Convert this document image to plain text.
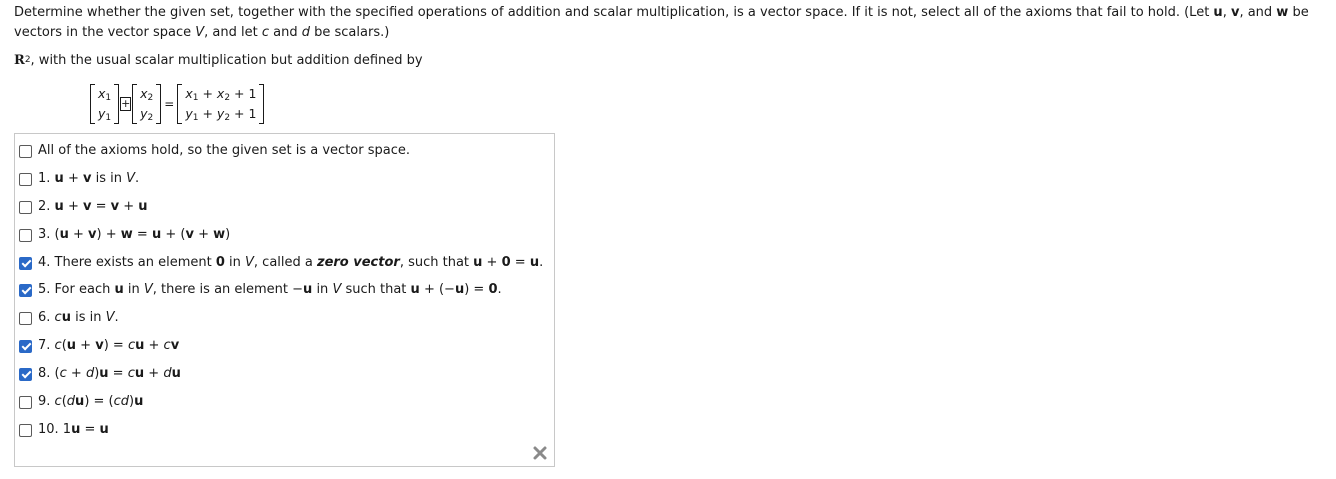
Determine whether the given set, together with the specified operations of addition and scalar multiplication, is a vector space. If it is not, select all of the axioms that fail to hold. (Let u, v, and w be vectors in the vector space V, and let c and d be scalars.)
$R^2$, with the usual scalar multiplication but addition defined by
$x_1$
$y_1$
+
$x_2$
$y_2$
=
$x_1 + x_2 + 1$
$y_1 + y_2 + 1$
All of the axioms hold, so the given set is a vector space.
1. u + v is in V.
2. u + v = v + u
3. (u + v) + w = u + (v + w)
4. There exists an element 0 in V, called a zero vector, such that u + 0 = u.
5. For each u in V, there is an element −u in V such that u + (−u) = 0.
6. cu is in V.
7. c(u + v) = cu + cv
8. (c + d)u = cu + du
9. c(du) = (cd)u
10. 1u = u
